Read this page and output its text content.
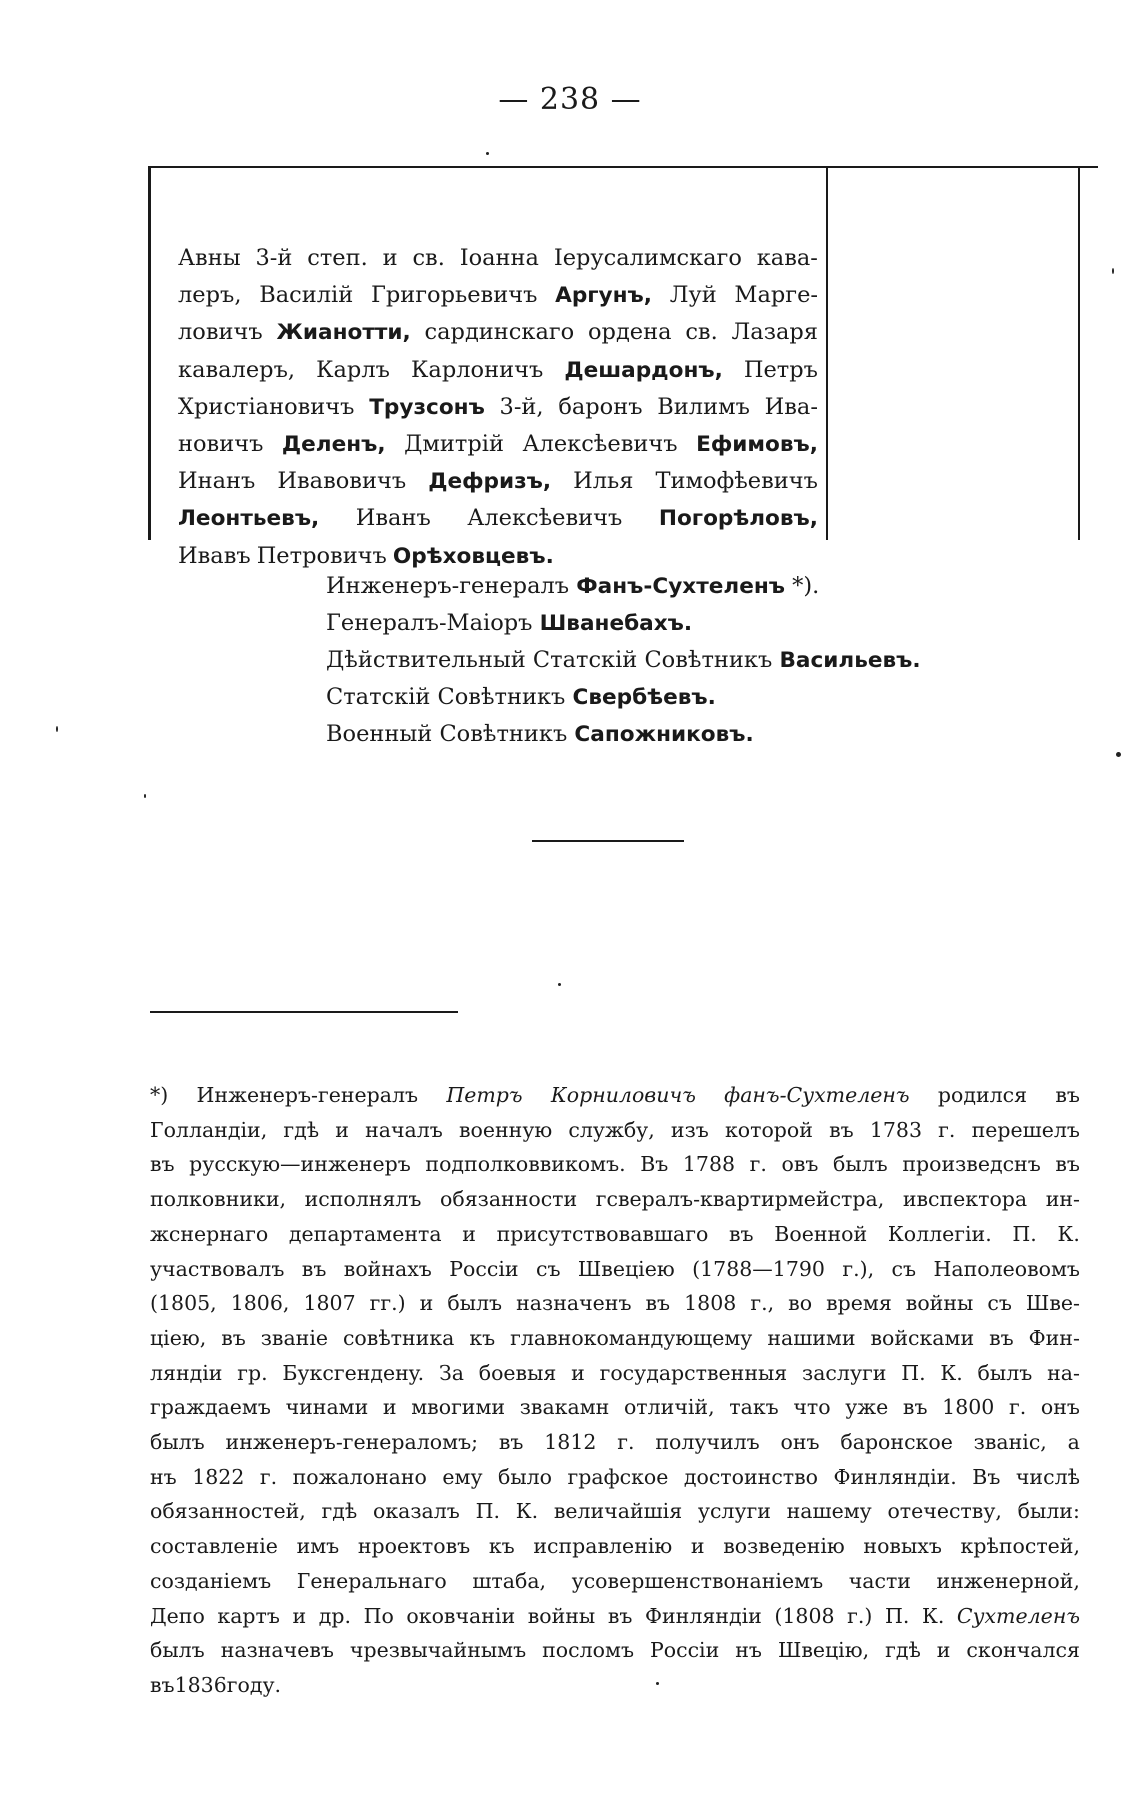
— 238 —
Авны 3-й степ. и св. Іоанна Іерусалимскаго кава-
леръ, Василій Григорьевичъ Аргунъ, Луй Маргe-
ловичъ Жианотти, сардинскаго ордена св. Лазаря
кавалеръ, Карлъ Карлоничъ Дешардонъ, Петръ
Христіановичъ Трузсонъ 3-й, баронъ Вилимъ Ива-
новичъ Деленъ, Дмитрій Алексѣевичъ Ефимовъ,
Инанъ Ивавовичъ Дефризъ, Илья Тимофѣевичъ
Леонтьевъ, Иванъ Алексѣевичъ Погорѣловъ,
Ивавъ Петровичъ Орѣховцевъ.
Инженеръ-генералъ Фанъ-Сухтеленъ *).
Генералъ-Маіоръ Шванебахъ.
Дѣйствительный Статскій Совѣтникъ Васильевъ.
Статскій Совѣтникъ Свербѣевъ.
Военный Совѣтникъ Сапожниковъ.
*) Инженеръ-генералъ Петръ Корниловичъ фанъ-Сухтеленъ родился въ
Голландіи, гдѣ и началъ военную службу, изъ которой въ 1783 г. перешелъ
въ русскую—инженеръ подполковвикомъ. Въ 1788 г. овъ былъ произведснъ въ
полковники, исполнялъ обязанности гсвералъ-квартирмейстра, ивспектора ин-
жснернаго департамента и присутствовавшаго въ Военной Коллегіи. П. К.
участвовалъ въ войнахъ Россіи съ Швеціею (1788—1790 г.), съ Наполеовомъ
(1805, 1806, 1807 гг.) и былъ назначенъ въ 1808 г., во время войны съ Шве-
ціею, въ званіе совѣтника къ главнокомандующему нашими войсками въ Фин-
ляндіи гр. Буксгенденy. За боевыя и государственныя заслуги П. К. былъ на-
граждаемъ чинами и мвогими звакамн отличій, такъ что уже въ 1800 г. онъ
былъ инженеръ-генераломъ; въ 1812 г. получилъ онъ баронское званіс, а
нъ 1822 г. пожалонано ему было графское достоинство Финляндіи. Въ числѣ
обязанностей, гдѣ оказалъ П. К. величайшія услуги нашему отечеству, были:
составленіе имъ нроектовъ къ исправленію и возведенію новыхъ крѣпостей,
созданіемъ Генеральнаго штаба, усовершенствонаніемъ части инженерной,
Депо картъ и др. По оковчаніи войны въ Финляндіи (1808 г.) П. К. Сухтеленъ
былъ назначевъ чрезвычайнымъ посломъ Россіи нъ Швецію, гдѣ и скончался
въ 1836 году.
